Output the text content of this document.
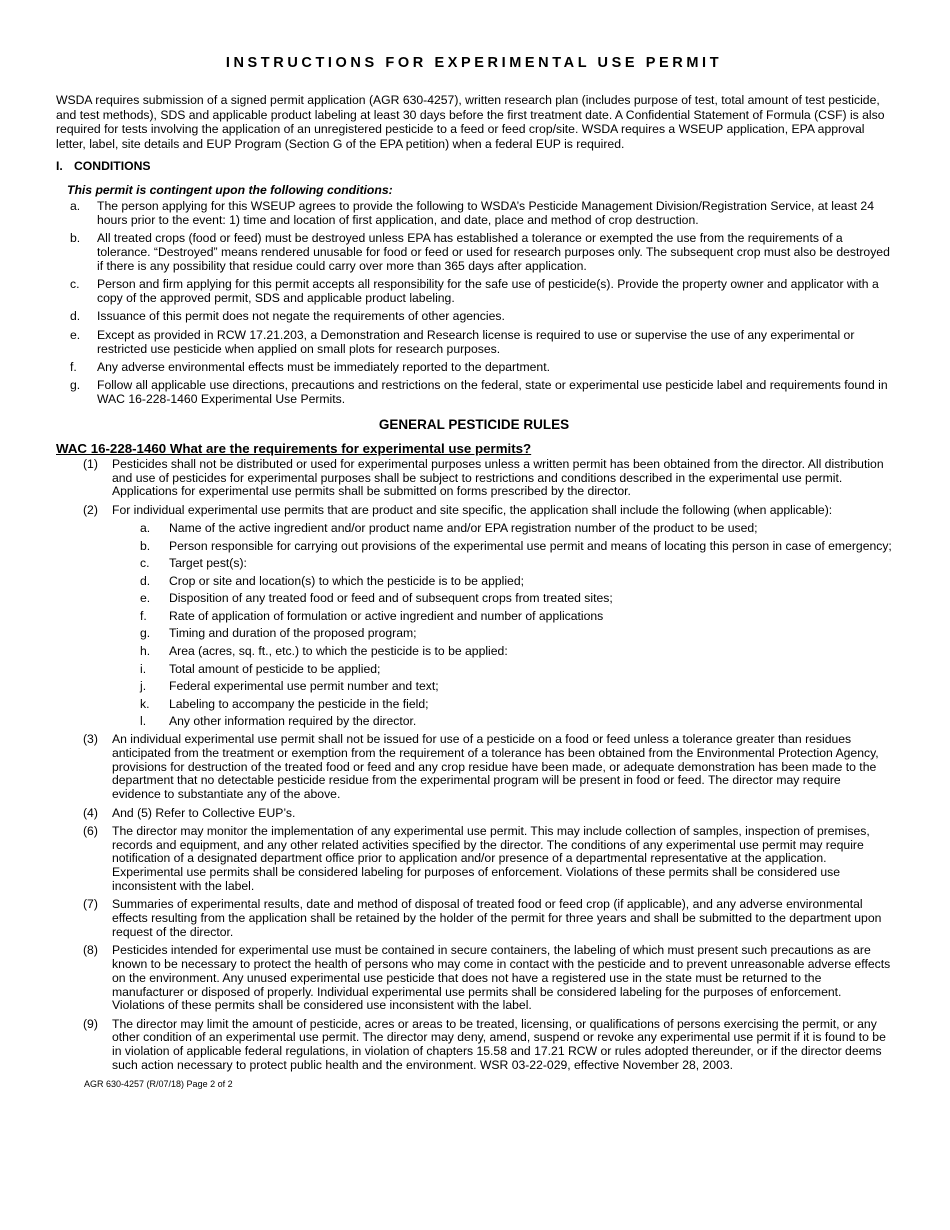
INSTRUCTIONS FOR EXPERIMENTAL USE PERMIT

WSDA requires submission of a signed permit application (AGR 630-4257), written research plan (includes purpose of test, total amount of test pesticide, and test methods), SDS and applicable product labeling at least 30 days before the first treatment date. A Confidential Statement of Formula (CSF) is also required for tests involving the application of an unregistered pesticide to a feed or feed crop/site. WSDA requires a WSEUP application, EPA approval letter, label, site details and EUP Program (Section G of the EPA petition) when a federal EUP is required.

I. CONDITIONS
This permit is contingent upon the following conditions:
a.	The person applying for this WSEUP agrees to provide the following to WSDA’s Pesticide Management Division/Registration Service, at least 24 hours prior to the event: 1) time and location of first application, and date, place and method of crop destruction.
b.	All treated crops (food or feed) must be destroyed unless EPA has established a tolerance or exempted the use from the requirements of a tolerance. “Destroyed” means rendered unusable for food or feed or used for research purposes only. The subsequent crop must also be destroyed if there is any possibility that residue could carry over more than 365 days after application.
c.	Person and firm applying for this permit accepts all responsibility for the safe use of pesticide(s). Provide the property owner and applicator with a copy of the approved permit, SDS and applicable product labeling.
d.	Issuance of this permit does not negate the requirements of other agencies.
e.	Except as provided in RCW 17.21.203, a Demonstration and Research license is required to use or supervise the use of any experimental or restricted use pesticide when applied on small plots for research purposes.
f.	Any adverse environmental effects must be immediately reported to the department.
g.	Follow all applicable use directions, precautions and restrictions on the federal, state or experimental use pesticide label and requirements found in WAC 16-228-1460 Experimental Use Permits.
GENERAL PESTICIDE RULES
WAC 16-228-1460 What are the requirements for experimental use permits?
(1)	Pesticides shall not be distributed or used for experimental purposes unless a written permit has been obtained from the director. All distribution and use of pesticides for experimental purposes shall be subject to restrictions and conditions described in the experimental use permit. Applications for experimental use permits shall be submitted on forms prescribed by the director.
(2)	For individual experimental use permits that are product and site specific, the application shall include the following (when applicable):
a.	Name of the active ingredient and/or product name and/or EPA registration number of the product to be used;
b.	Person responsible for carrying out provisions of the experimental use permit and means of locating this person in case of emergency;
c.	Target pest(s):
d.	Crop or site and location(s) to which the pesticide is to be applied;
e.	Disposition of any treated food or feed and of subsequent crops from treated sites;
f.	Rate of application of formulation or active ingredient and number of applications
g.	Timing and duration of the proposed program;
h.	Area (acres, sq. ft., etc.) to which the pesticide is to be applied:
i.	Total amount of pesticide to be applied;
j.	Federal experimental use permit number and text;
k.	Labeling to accompany the pesticide in the field;
l.	Any other information required by the director.
(3)	An individual experimental use permit shall not be issued for use of a pesticide on a food or feed unless a tolerance greater than residues anticipated from the treatment or exemption from the requirement of a tolerance has been obtained from the Environmental Protection Agency, provisions for destruction of the treated food or feed and any crop residue have been made, or adequate demonstration has been made to the department that no detectable pesticide residue from the experimental program will be present in food or feed. The director may require evidence to substantiate any of the above.
(4)	And (5) Refer to Collective EUP’s.
(6)	The director may monitor the implementation of any experimental use permit. This may include collection of samples, inspection of premises, records and equipment, and any other related activities specified by the director. The conditions of any experimental use permit may require notification of a designated department office prior to application and/or presence of a departmental representative at the application. Experimental use permits shall be considered labeling for purposes of enforcement. Violations of these permits shall be considered use inconsistent with the label.
(7)	Summaries of experimental results, date and method of disposal of treated food or feed crop (if applicable), and any adverse environmental effects resulting from the application shall be retained by the holder of the permit for three years and shall be submitted to the department upon request of the director.
(8)	Pesticides intended for experimental use must be contained in secure containers, the labeling of which must present such precautions as are known to be necessary to protect the health of persons who may come in contact with the pesticide and to prevent unreasonable adverse effects on the environment. Any unused experimental use pesticide that does not have a registered use in the state must be returned to the manufacturer or disposed of properly. Individual experimental use permits shall be considered labeling for the purposes of enforcement. Violations of these permits shall be considered use inconsistent with the label.
(9)	The director may limit the amount of pesticide, acres or areas to be treated, licensing, or qualifications of persons exercising the permit, or any other condition of an experimental use permit. The director may deny, amend, suspend or revoke any experimental use permit if it is found to be in violation of applicable federal regulations, in violation of chapters 15.58 and 17.21 RCW or rules adopted thereunder, or if the director deems such action necessary to protect public health and the environment. WSR 03-22-029, effective November 28, 2003.
AGR 630-4257 (R/07/18) Page 2 of 2
